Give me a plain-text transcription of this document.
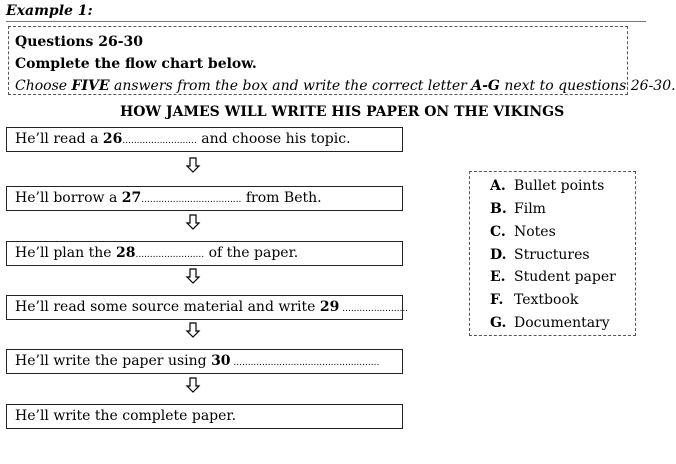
Example 1:
Questions 26-30
Complete the flow chart below.
Choose FIVE answers from the box and write the correct letter A-G next to questions 26-30.
HOW JAMES WILL WRITE HIS PAPER ON THE VIKINGS
He’ll read a 26.......................... and choose his topic.
He’ll borrow a 27................................... from Beth.
He’ll plan the 28........................ of the paper.
He’ll read some source material and write 29 .......................
He’ll write the paper using 30 ...................................................
He’ll write the complete paper.
A. Bullet points
B. Film
C. Notes
D. Structures
E. Student paper
F. Textbook
G. Documentary
